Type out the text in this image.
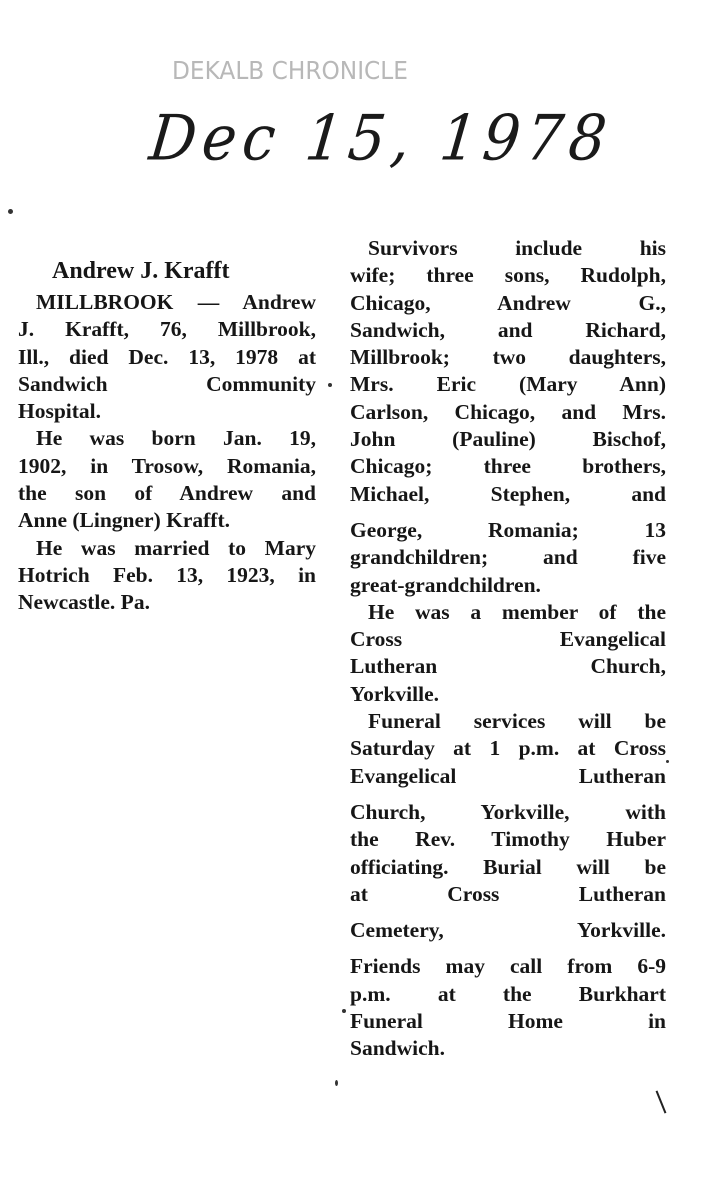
DEKALB CHRONICLE
Dec 15, 1978

Andrew J. Krafft

MILLBROOK — Andrew

J. Krafft, 76, Millbrook,

Ill., died Dec. 13, 1978 at

Sandwich Community

Hospital.

He was born Jan. 19,

1902, in Trosow, Romania,

the son of Andrew and

Anne (Lingner) Krafft.

He was married to Mary

Hotrich Feb. 13, 1923, in

Newcastle. Pa.

Survivors include his

wife; three sons, Rudolph,

Chicago, Andrew G.,

Sandwich, and Richard,

Millbrook; two daughters,

Mrs. Eric (Mary Ann)

Carlson, Chicago, and Mrs.

John (Pauline) Bischof,

Chicago; three brothers,

Michael, Stephen, and

George, Romania; 13

grandchildren; and five

great-grandchildren.

He was a member of the

Cross Evangelical

Lutheran Church,

Yorkville.

Funeral services will be

Saturday at 1 p.m. at Cross

Evangelical Lutheran

Church, Yorkville, with

the Rev. Timothy Huber

officiating. Burial will be

at Cross Lutheran

Cemetery, Yorkville.

Friends may call from 6-9

p.m. at the Burkhart

Funeral Home in

Sandwich.
